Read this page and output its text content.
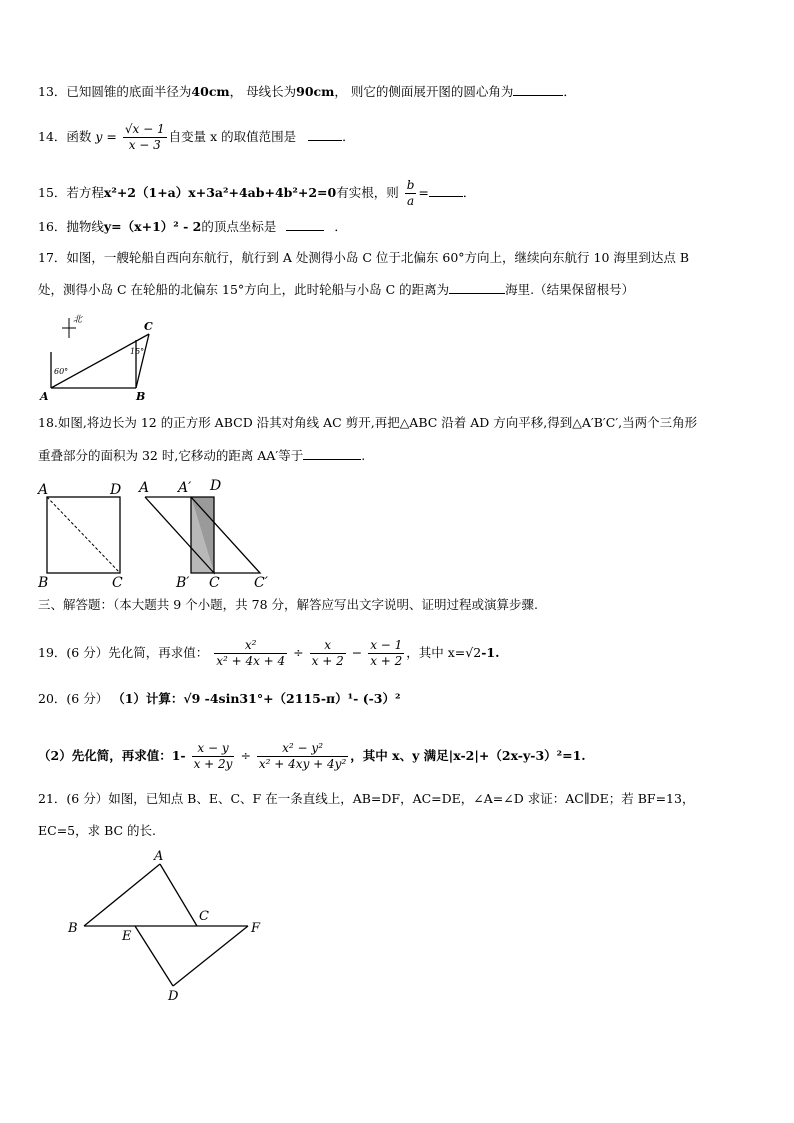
13．已知圆锥的底面半径为40cm， 母线长为90cm， 则它的侧面展开图的圆心角为	．
14．函数 $y = \frac{√x - 1}{x - 3}$ 自变量 x 的取值范围是	．
15．若方程x²+2（1+a）x+3a²+4ab+4b²+2=0有实根，则 $\frac{b}{a}$ =	．
16．抛物线y=（x+1）² - 2的顶点坐标是	．
17．如图，一艘轮船自西向东航行，航行到 A 处测得小岛 C 位于北偏东 60°方向上，继续向东航行 10 海里到达点 B
处，测得小岛 C 在轮船的北偏东 15°方向上，此时轮船与小岛 C 的距离为	海里.（结果保留根号）
北
A	B
C
60°
15°
18.如图,将边长为 12 的正方形 ABCD 沿其对角线 AC 剪开,再把△ABC 沿着 AD 方向平移,得到△A′B′C′,当两个三角形
重叠部分的面积为 32 时,它移动的距离 AA′等于	.
A	D
B	C
A A′ D
B′ C C′
三、解答题：（本大题共 9 个小题，共 78 分，解答应写出文字说明、证明过程或演算步骤.
19．(6 分）先化简，再求值： $\frac{\text{x²}}{\text{x² + 4x + 4}} \div \frac{x}{x + 2} - \frac{x - 1}{x + 2}$ ，其中 x=√2-1.
20．(6 分） （1）计算：√9 -4sin31°+（2115-π）¹- (-3）²
（2）先化简，再求值：$1- \frac{x - y}{x + 2y} \div \frac{\text{x² − y²}}{\text{x² + 4xy + 4y²}}$ ，其中 x、y 满足|x-2|+（2x-y-3）²=1.
21．(6 分）如图，已知点 B、E、C、F 在一条直线上，AB=DF，AC=DE，∠A=∠D 求证：AC∥DE；若 BF=13，
EC=5，求 BC 的长.
A
B
E
C
F
D
